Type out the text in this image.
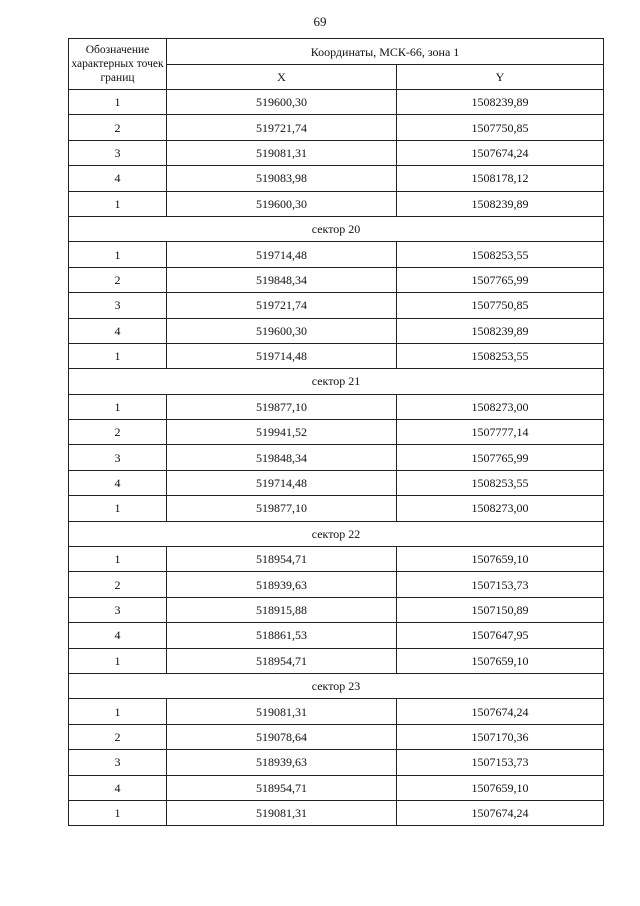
69
Обозначение характерных точек границ	Координаты, МСК-66, зона 1	
	X	Y
1	519600,30	1508239,89
2	519721,74	1507750,85
3	519081,31	1507674,24
4	519083,98	1508178,12
1	519600,30	1508239,89
сектор 20		
1	519714,48	1508253,55
2	519848,34	1507765,99
3	519721,74	1507750,85
4	519600,30	1508239,89
1	519714,48	1508253,55
сектор 21		
1	519877,10	1508273,00
2	519941,52	1507777,14
3	519848,34	1507765,99
4	519714,48	1508253,55
1	519877,10	1508273,00
сектор 22		
1	518954,71	1507659,10
2	518939,63	1507153,73
3	518915,88	1507150,89
4	518861,53	1507647,95
1	518954,71	1507659,10
сектор 23		
1	519081,31	1507674,24
2	519078,64	1507170,36
3	518939,63	1507153,73
4	518954,71	1507659,10
1	519081,31	1507674,24
